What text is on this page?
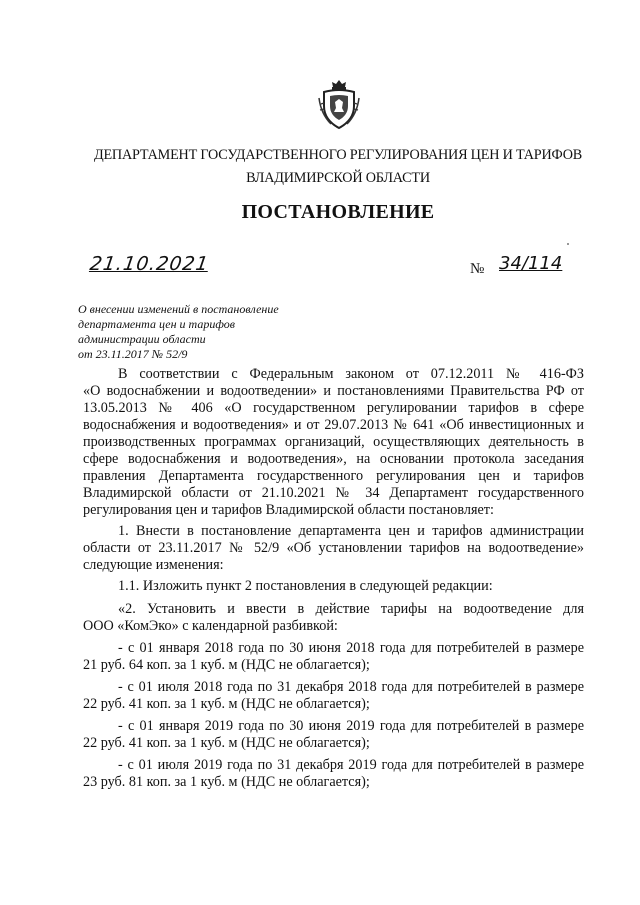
ДЕПАРТАМЕНТ ГОСУДАРСТВЕННОГО РЕГУЛИРОВАНИЯ ЦЕН И ТАРИФОВ
ВЛАДИМИРСКОЙ ОБЛАСТИ
ПОСТАНОВЛЕНИЕ
21.10.2021	№ 34/114
О внесении изменений в постановление
департамента цен и тарифов
администрации области
от 23.11.2017 № 52/9
В соответствии с Федеральным законом от 07.12.2011 № 416-ФЗ
«О водоснабжении и водоотведении» и постановлениями Правительства РФ от
13.05.2013 № 406 «О государственном регулировании тарифов в сфере
водоснабжения и водоотведения» и от 29.07.2013 № 641 «Об инвестиционных и
производственных программах организаций, осуществляющих деятельность в
сфере водоснабжения и водоотведения», на основании протокола заседания
правления Департамента государственного регулирования цен и тарифов
Владимирской области от 21.10.2021 № 34 Департамент государственного
регулирования цен и тарифов Владимирской области постановляет:
1. Внести в постановление департамента цен и тарифов администрации
области от 23.11.2017 № 52/9 «Об установлении тарифов на водоотведение»
следующие изменения:
1.1. Изложить пункт 2 постановления в следующей редакции:
«2. Установить и ввести в действие тарифы на водоотведение для
ООО «КомЭко» с календарной разбивкой:
- с 01 января 2018 года по 30 июня 2018 года для потребителей в размере
21 руб. 64 коп. за 1 куб. м (НДС не облагается);
- с 01 июля 2018 года по 31 декабря 2018 года для потребителей в размере
22 руб. 41 коп. за 1 куб. м (НДС не облагается);
- с 01 января 2019 года по 30 июня 2019 года для потребителей в размере
22 руб. 41 коп. за 1 куб. м (НДС не облагается);
- с 01 июля 2019 года по 31 декабря 2019 года для потребителей в размере
23 руб. 81 коп. за 1 куб. м (НДС не облагается);
